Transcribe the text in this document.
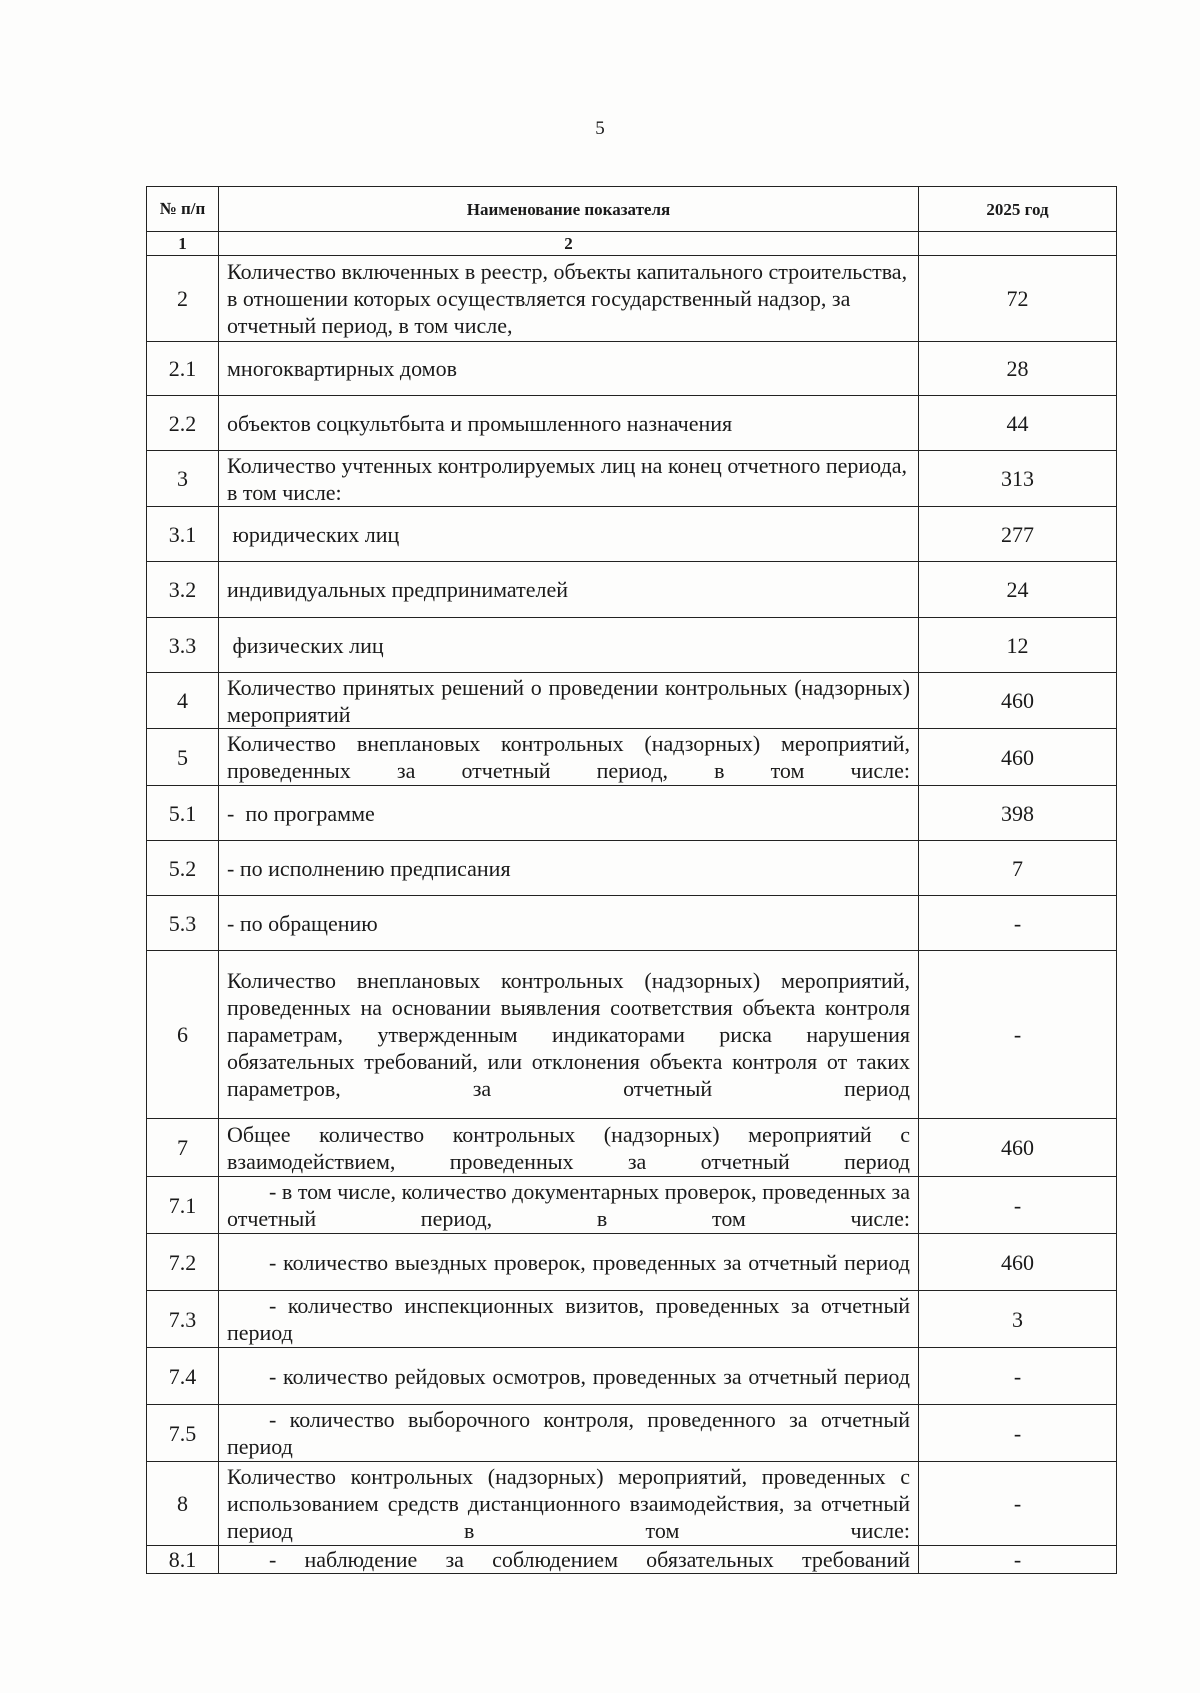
5
№ п/п	Наименование показателя	2025 год
1	2	
2	Количество включенных в реестр, объекты капитального строительства, в отношении которых осуществляется государственный надзор, за отчетный период, в том числе,	72
2.1	многоквартирных домов	28
2.2	объектов соцкультбыта и промышленного назначения	44
3	Количество учтенных контролируемых лиц на конец отчетного периода, в том числе:	313
3.1	юридических лиц	277
3.2	индивидуальных предпринимателей	24
3.3	физических лиц	12
4	Количество принятых решений о проведении контрольных (надзорных) мероприятий	460
5	Количество внеплановых контрольных (надзорных) мероприятий, проведенных за отчетный период, в том числе:	460
5.1	-  по программе	398
5.2	- по исполнению предписания	7
5.3	- по обращению	-
6	Количество внеплановых контрольных (надзорных) мероприятий, проведенных на основании выявления соответствия объекта контроля параметрам, утвержденным индикаторами риска нарушения обязательных требований, или отклонения объекта контроля от таких параметров, за отчетный период	-
7	Общее количество контрольных (надзорных) мероприятий с взаимодействием, проведенных за отчетный период	460
7.1	- в том числе, количество документарных проверок, проведенных за отчетный период, в том числе:	-
7.2	- количество выездных проверок, проведенных за отчетный период	460
7.3	- количество инспекционных визитов, проведенных за отчетный период	3
7.4	- количество рейдовых осмотров, проведенных за отчетный период	-
7.5	- количество выборочного контроля, проведенного за отчетный период	-
8	Количество контрольных (надзорных) мероприятий, проведенных с использованием средств дистанционного взаимодействия, за отчетный период в том числе:	-
8.1	- наблюдение за соблюдением обязательных требований	-
